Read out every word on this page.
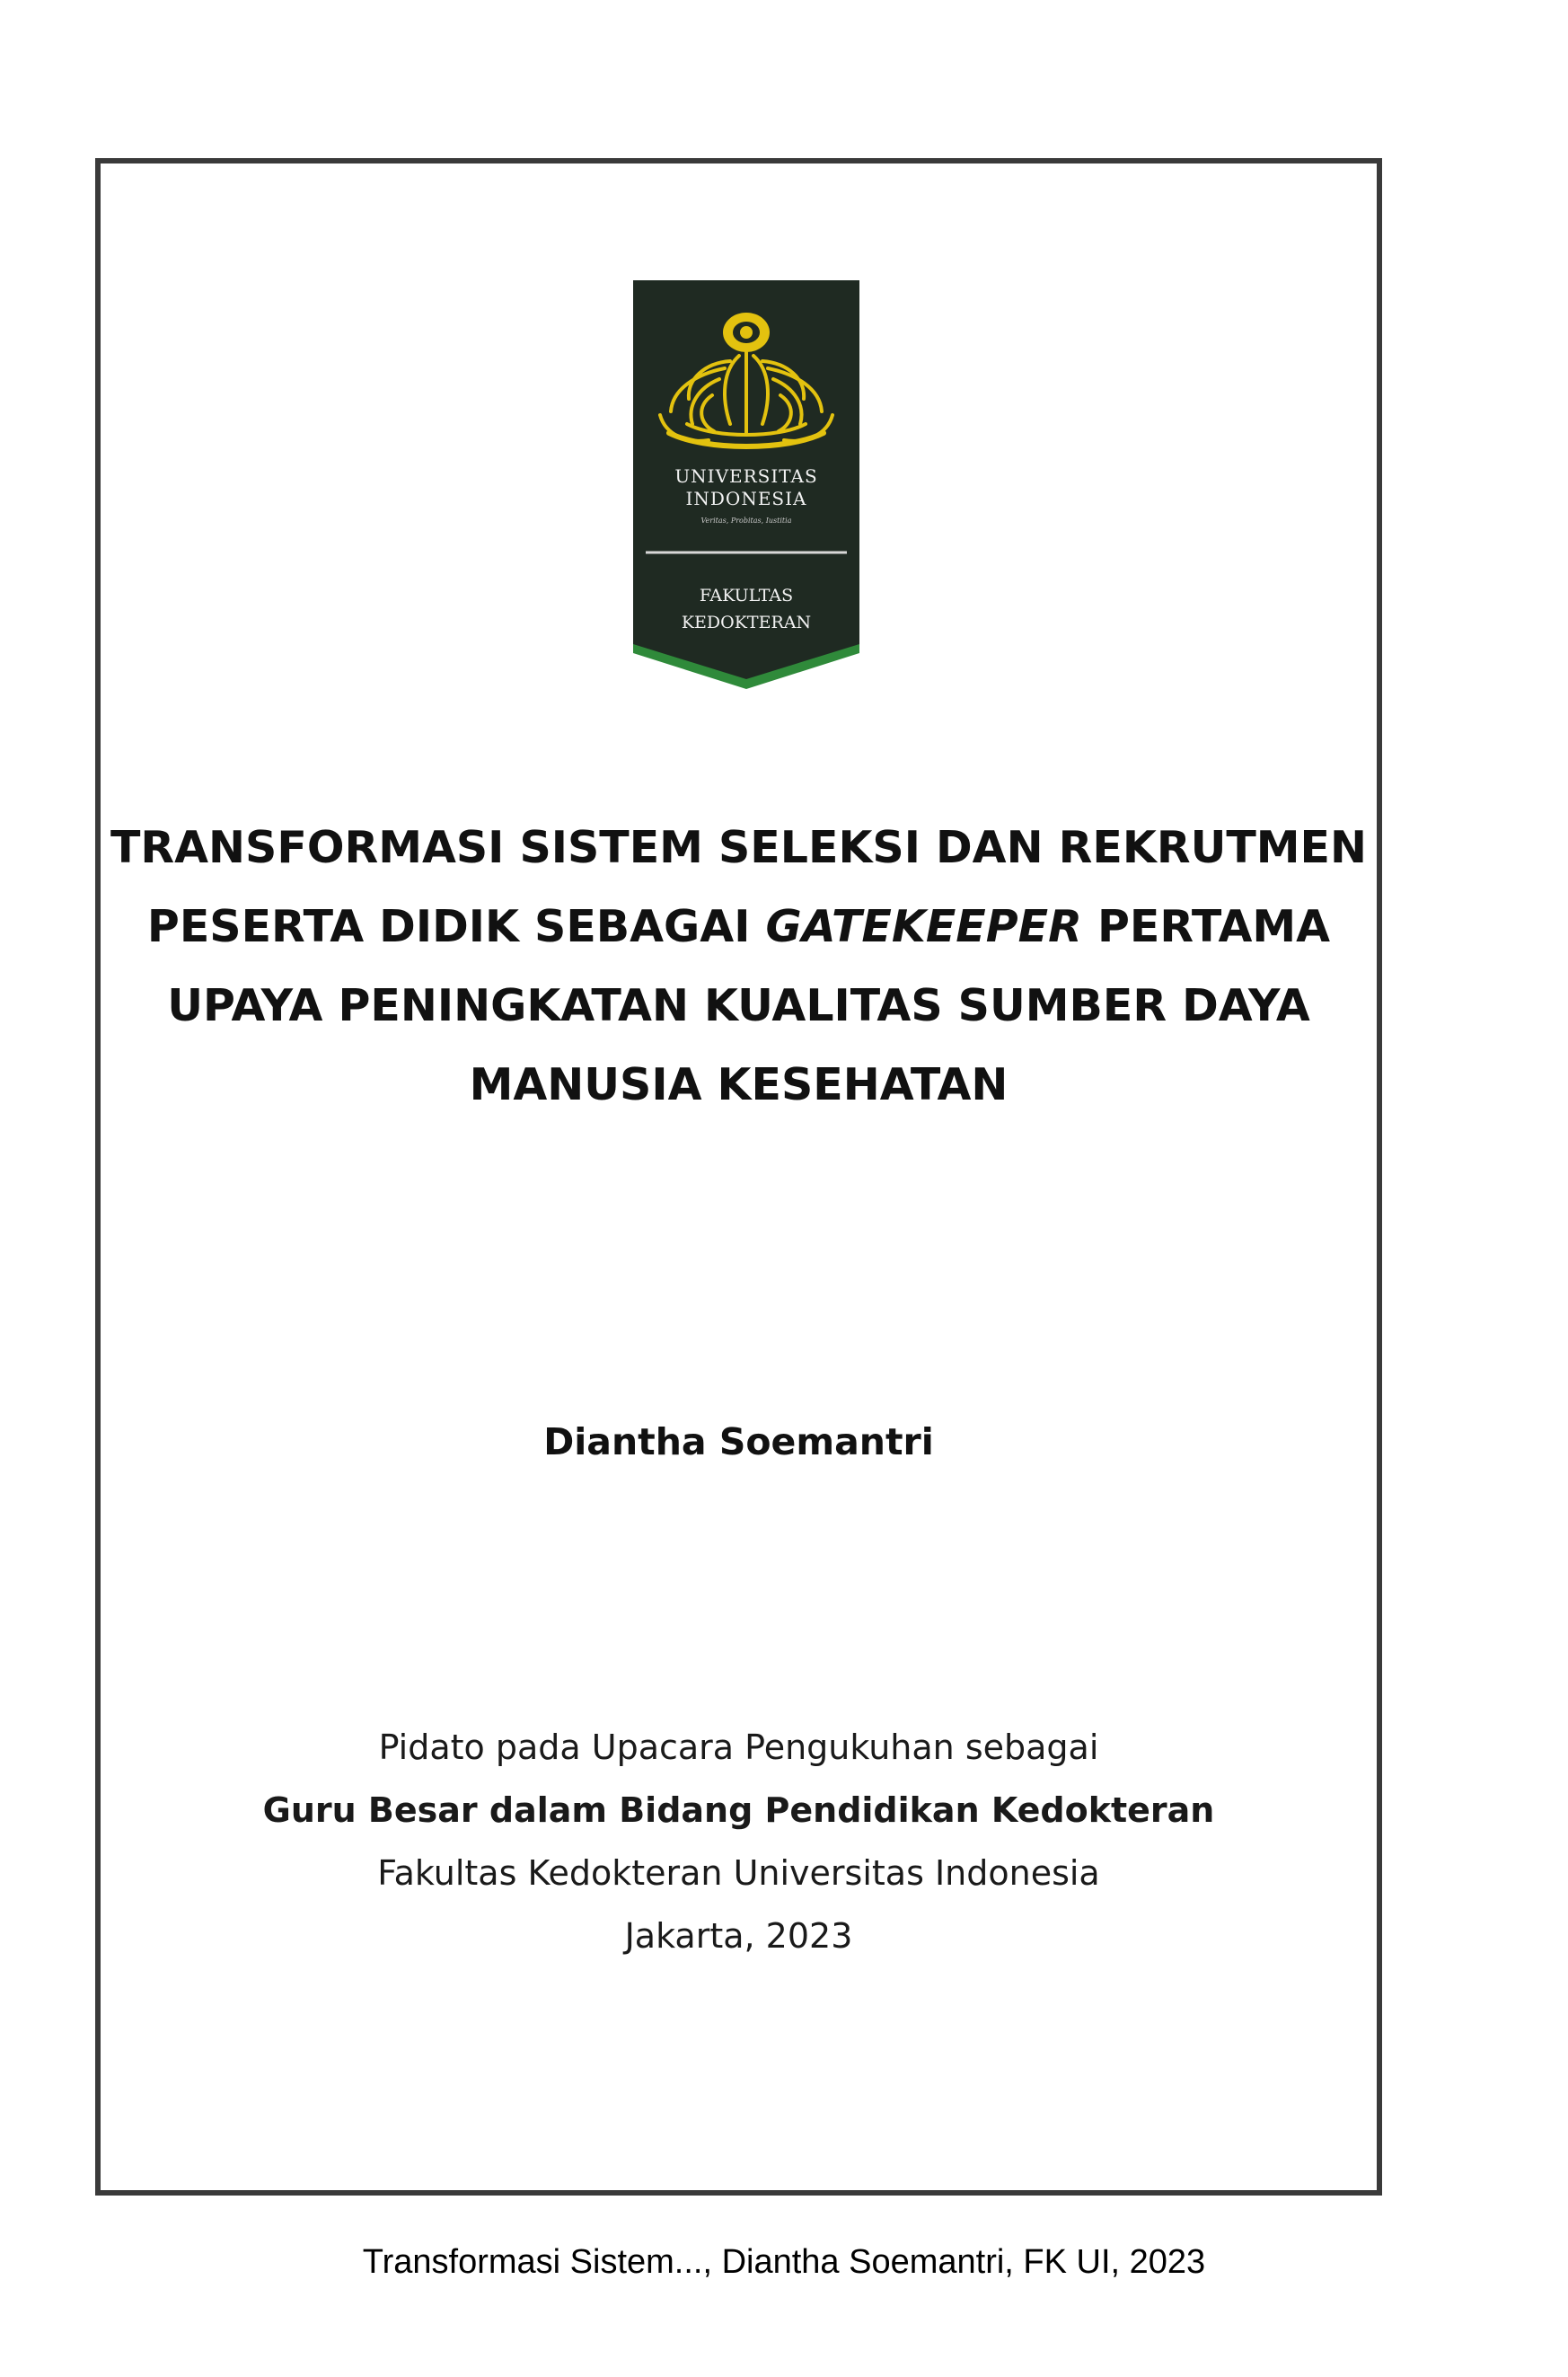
UNIVERSITAS
INDONESIA
Veritas, Probitas, Iustitia
FAKULTAS
KEDOKTERAN
TRANSFORMASI SISTEM SELEKSI DAN REKRUTMEN
PESERTA DIDIK SEBAGAI GATEKEEPER PERTAMA
UPAYA PENINGKATAN KUALITAS SUMBER DAYA
MANUSIA KESEHATAN

Diantha Soemantri

Pidato pada Upacara Pengukuhan sebagai
Guru Besar dalam Bidang Pendidikan Kedokteran
Fakultas Kedokteran Universitas Indonesia
Jakarta, 2023
Transformasi Sistem..., Diantha Soemantri, FK UI, 2023
